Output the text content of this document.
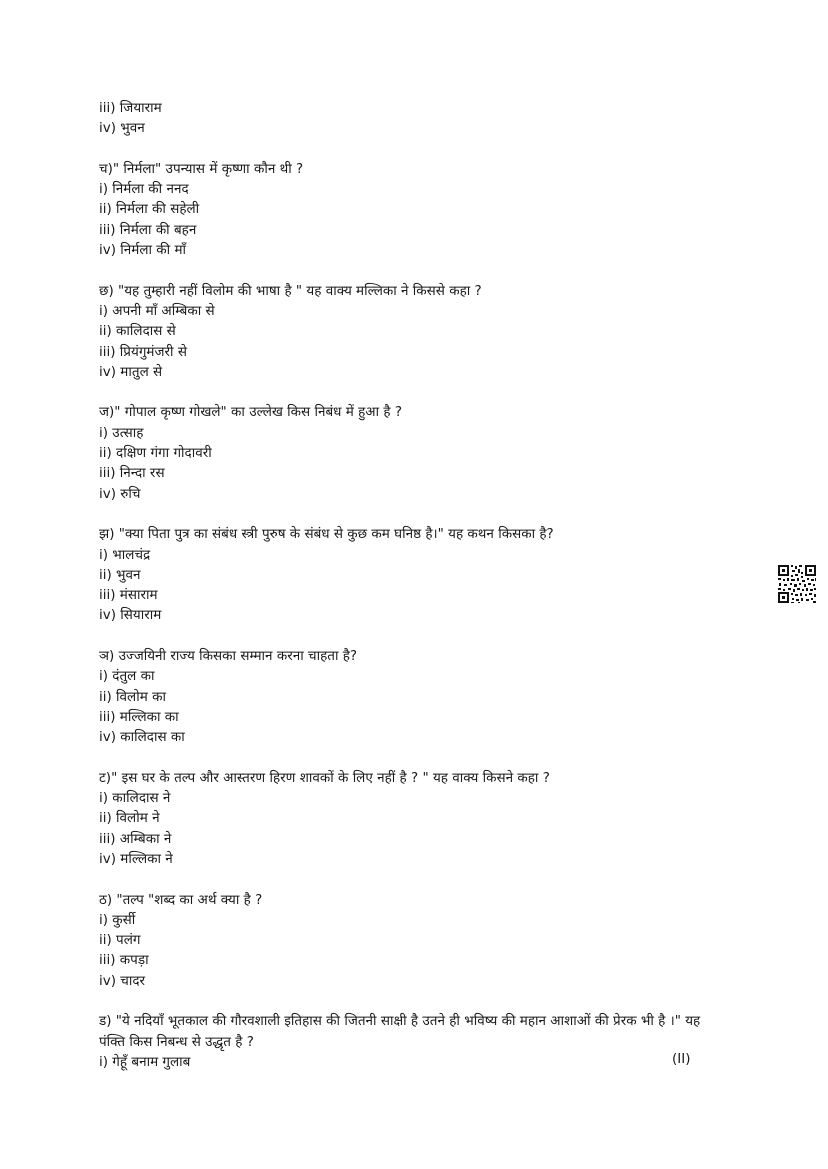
iii) जियाराम
iv) भुवन
च)" निर्मला" उपन्यास में कृष्णा कौन थी ?
i) निर्मला की ननद
ii) निर्मला की सहेली
iii) निर्मला की बहन
iv) निर्मला की माँ
छ) "यह तुम्हारी नहीं विलोम की भाषा है " यह वाक्य मल्लिका ने किससे कहा ?
i) अपनी माँ अम्बिका से
ii) कालिदास से
iii) प्रियंगुमंजरी से
iv) मातुल से
ज)" गोपाल कृष्ण गोखले" का उल्लेख किस निबंध में हुआ है ?
i) उत्साह
ii) दक्षिण गंगा गोदावरी
iii) निन्दा रस
iv) रुचि
झ) "क्या पिता पुत्र का संबंध स्त्री पुरुष के संबंध से कुछ कम घनिष्ठ है।" यह कथन किसका है?
i) भालचंद्र
ii) भुवन
iii) मंसाराम
iv) सियाराम
ञ) उज्जयिनी राज्य किसका सम्मान करना चाहता है?
i) दंतुल का
ii) विलोम का
iii) मल्लिका का
iv) कालिदास का
ट)" इस घर के तल्प और आस्तरण हिरण शावकों के लिए नहीं है ? " यह वाक्य किसने कहा ?
i) कालिदास ने
ii) विलोम ने
iii) अम्बिका ने
iv) मल्लिका ने
ठ) "तल्प "शब्द का अर्थ क्या है ?
i) कुर्सी
ii) पलंग
iii) कपड़ा
iv) चादर
ड) "ये नदियाँ भूतकाल की गौरवशाली इतिहास की जितनी साक्षी है उतने ही भविष्य की महान आशाओं की प्रेरक भी है ।" यह पंक्ति किस निबन्ध से उद्धृत है ?
i) गेहूँ बनाम गुलाब	(II)
